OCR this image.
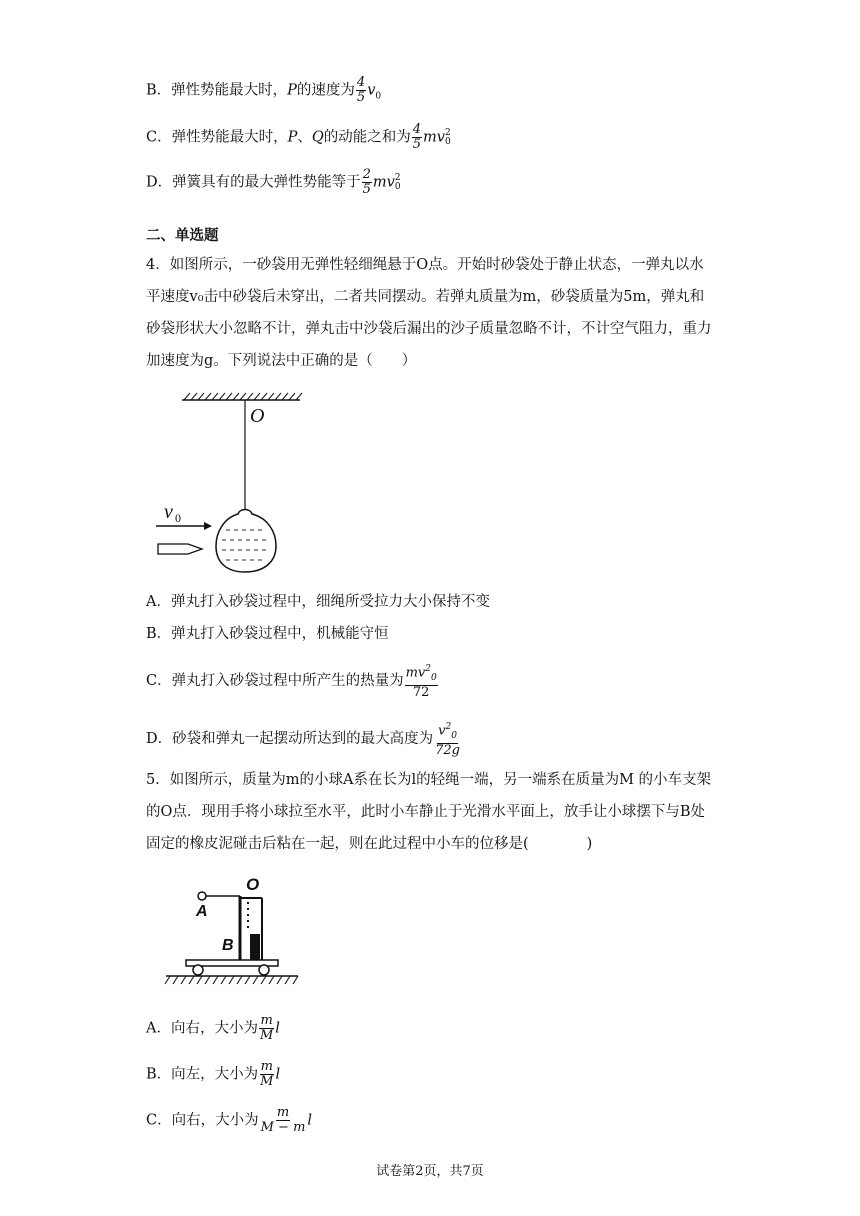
B．弹性势能最大时，P的速度为 $\frac{4}{5} v_0$
C．弹性势能最大时，P、Q的动能之和为 $\frac{4}{5}$ mv 2
0
D．弹簧具有的最大弹性势能等于 $\frac{2}{5}$ mv 2
0
二、单选题
4．如图所示，一砂袋用无弹性轻细绳悬于O点。开始时砂袋处于静止状态，一弹丸以水平速度v₀击中砂袋后未穿出，二者共同摆动。若弹丸质量为m，砂袋质量为5m，弹丸和砂袋形状大小忽略不计，弹丸击中沙袋后漏出的沙子质量忽略不计，不计空气阻力，重力加速度为g。下列说法中正确的是（　　）
O
v 0
A．弹丸打入砂袋过程中，细绳所受拉力大小保持不变
B．弹丸打入砂袋过程中，机械能守恒
C．弹丸打入砂袋过程中所产生的热量为 $\frac{mv^2_0}{72}$
D．砂袋和弹丸一起摆动所达到的最大高度为 $\frac{v^2_0}{72g}$
5．如图所示，质量为m的小球A系在长为l的轻绳一端，另一端系在质量为M 的小车支架的O点．现用手将小球拉至水平，此时小车静止于光滑水平面上，放手让小球摆下与B处固定的橡皮泥碰击后粘在一起，则在此过程中小车的位移是(　　　　)
O
A
B
A．向右，大小为 $\frac{m}{M}$ l
B．向左，大小为 $\frac{m}{M}$ l
C．向右，大小为 $\frac{m}{M - m}$ l
试卷第2页，共7页
